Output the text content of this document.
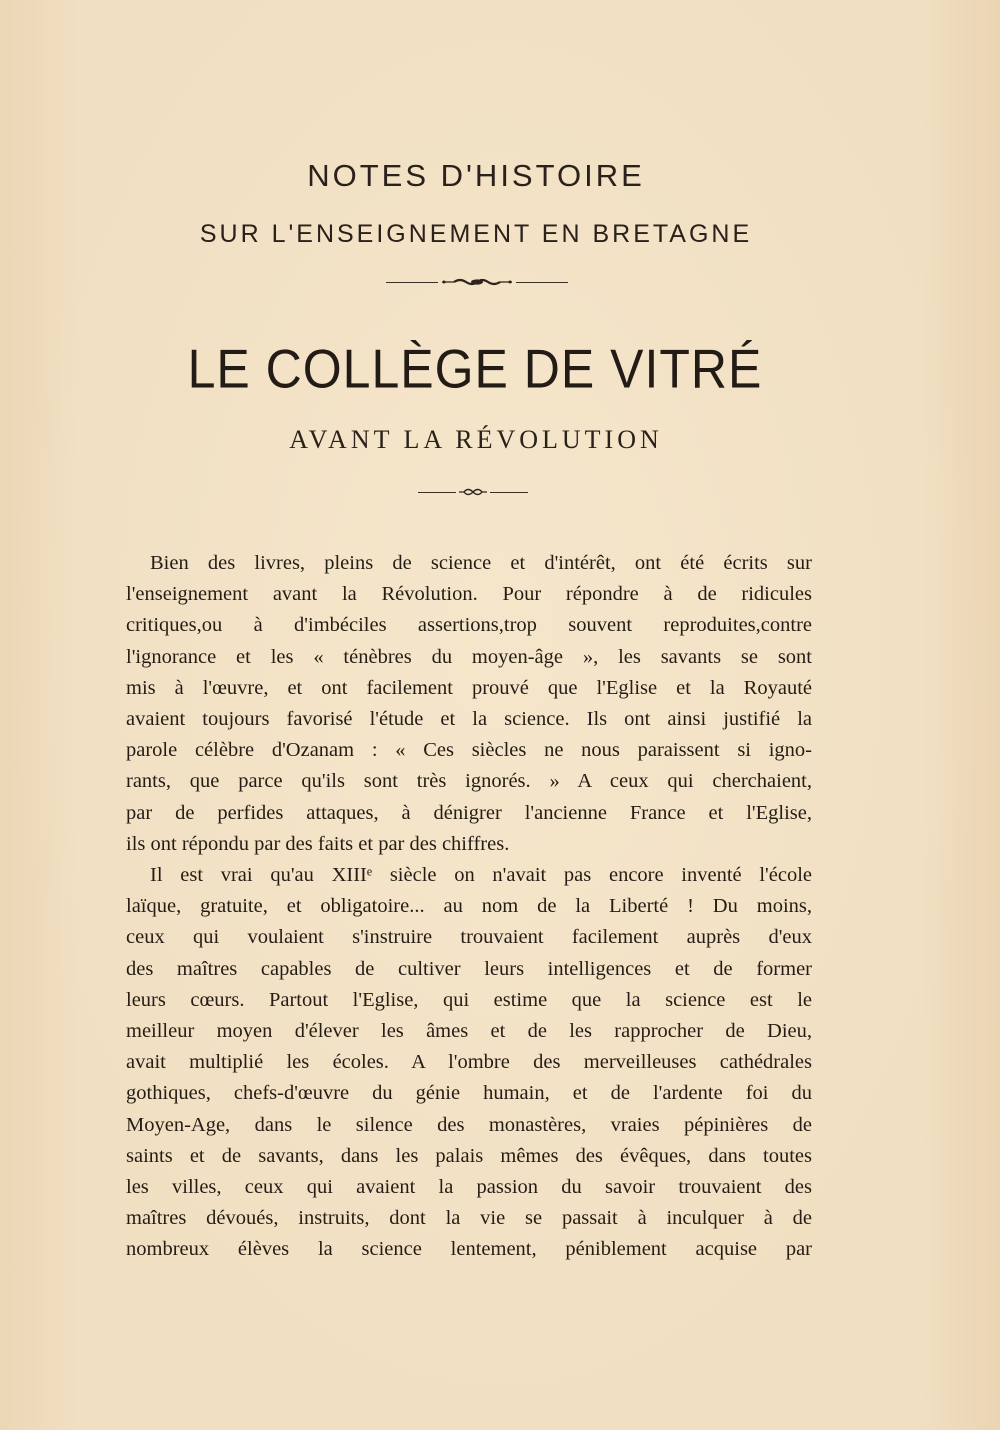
NOTES D'HISTOIRE
SUR L'ENSEIGNEMENT EN BRETAGNE
LE COLLÈGE DE VITRÉ
AVANT LA RÉVOLUTION

Bien des livres, pleins de science et d'intérêt, ont été écrits sur
l'enseignement avant la Révolution. Pour répondre à de ridicules
critiques,ou à d'imbéciles assertions,trop souvent reproduites,contre
l'ignorance et les « ténèbres du moyen-âge », les savants se sont
mis à l'œuvre, et ont facilement prouvé que l'Eglise et la Royauté
avaient toujours favorisé l'étude et la science. Ils ont ainsi justifié la
parole célèbre d'Ozanam : « Ces siècles ne nous paraissent si igno-
rants, que parce qu'ils sont très ignorés. » A ceux qui cherchaient,
par de perfides attaques, à dénigrer l'ancienne France et l'Eglise,
ils ont répondu par des faits et par des chiffres.

Il est vrai qu'au XIIIᵉ siècle on n'avait pas encore inventé l'école
laïque, gratuite, et obligatoire... au nom de la Liberté ! Du moins,
ceux qui voulaient s'instruire trouvaient facilement auprès d'eux
des maîtres capables de cultiver leurs intelligences et de former
leurs cœurs. Partout l'Eglise, qui estime que la science est le
meilleur moyen d'élever les âmes et de les rapprocher de Dieu,
avait multiplié les écoles. A l'ombre des merveilleuses cathédrales
gothiques, chefs-d'œuvre du génie humain, et de l'ardente foi du
Moyen-Age, dans le silence des monastères, vraies pépinières de
saints et de savants, dans les palais mêmes des évêques, dans toutes
les villes, ceux qui avaient la passion du savoir trouvaient des
maîtres dévoués, instruits, dont la vie se passait à inculquer à de
nombreux élèves la science lentement, péniblement acquise par
